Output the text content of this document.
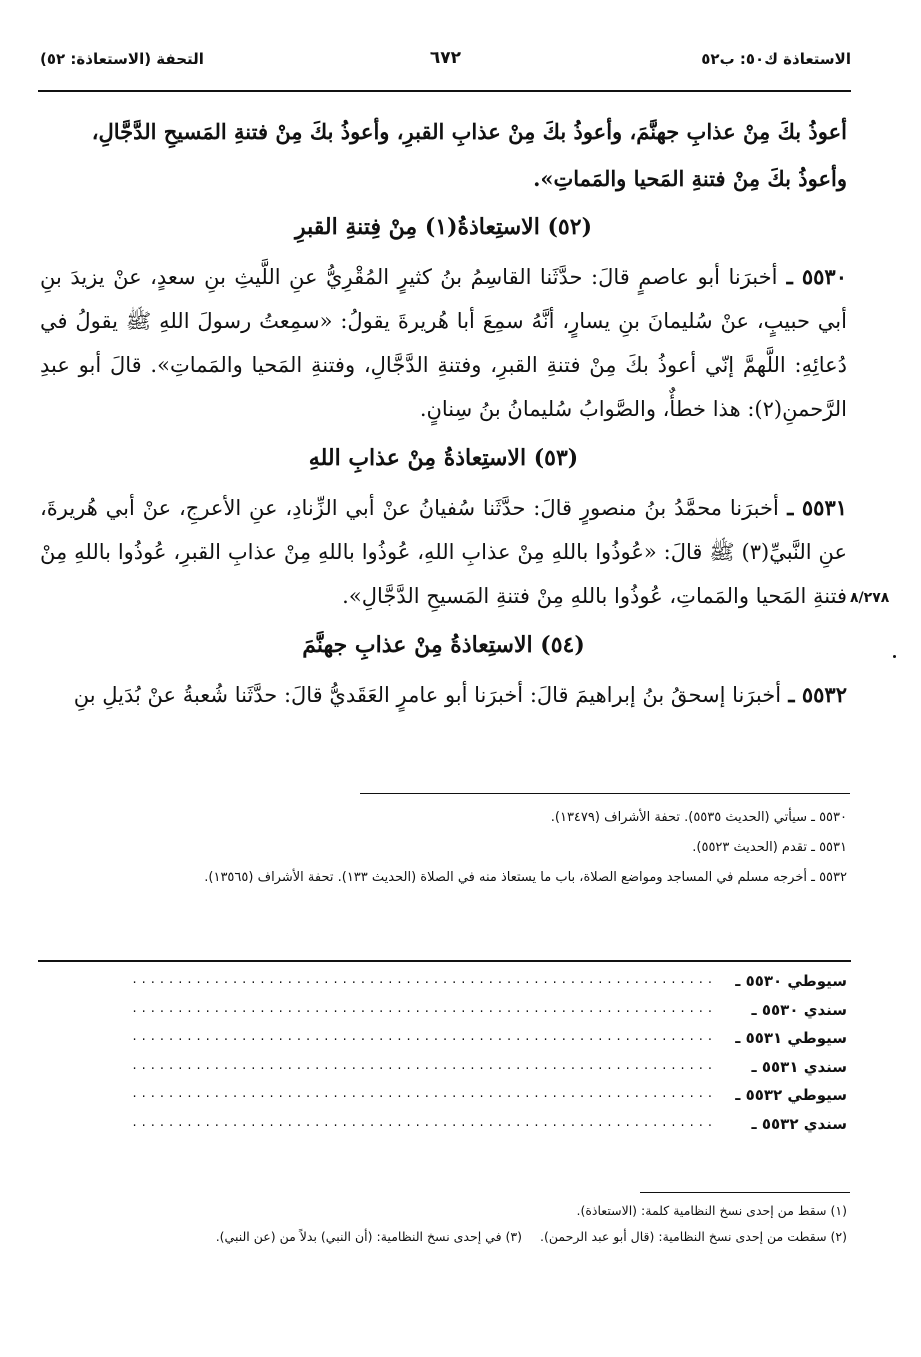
الاستعاذة ك٥٠: ب٥٢
٦٧٢
التحفة (الاستعاذة: ٥٢)

أعوذُ بكَ مِنْ عذابِ جهنَّمَ، وأعوذُ بكَ مِنْ عذابِ القبرِ، وأعوذُ بكَ مِنْ فتنةِ المَسيحِ الدَّجَّالِ،

وأعوذُ بكَ مِنْ فتنةِ المَحيا والمَماتِ».

(٥٢) الاستِعاذةُ(١) مِنْ فِتنةِ القبرِ

٥٥٣٠ ـ أخبرَنا أبو عاصمٍ قالَ: حدَّثَنا القاسِمُ بنُ كثيرٍ المُقْرِيُّ عنِ اللَّيثِ بنِ سعدٍ، عنْ يزيدَ بنِ أبي حبيبٍ، عنْ سُليمانَ بنِ يسارٍ، أنَّهُ سمِعَ أبا هُريرةَ يقولُ: «سمِعتُ رسولَ اللهِ ﷺ يقولُ في دُعائِهِ: اللَّهمَّ إنّي أعوذُ بكَ مِنْ فتنةِ القبرِ، وفتنةِ الدَّجَّالِ، وفتنةِ المَحيا والمَماتِ». قالَ أبو عبدِ الرَّحمنِ(٢): هذا خطأٌ، والصَّوابُ سُليمانُ بنُ سِنانٍ.

(٥٣) الاستِعاذةُ مِنْ عذابِ اللهِ

٥٥٣١ ـ أخبرَنا محمَّدُ بنُ منصورٍ قالَ: حدَّثَنا سُفيانُ عنْ أبي الزِّنادِ، عنِ الأعرجِ، عنْ أبي هُريرةَ، عنِ النَّبيِّ(٣) ﷺ قالَ: «عُوذُوا باللهِ مِنْ عذابِ اللهِ، عُوذُوا باللهِ مِنْ عذابِ القبرِ، عُوذُوا باللهِ مِنْ فتنةِ المَحيا والمَماتِ، عُوذُوا باللهِ مِنْ فتنةِ المَسيحِ الدَّجَّالِ».

(٥٤) الاستِعاذةُ مِنْ عذابِ جهنَّمَ

٥٥٣٢ ـ أخبرَنا إسحقُ بنُ إبراهيمَ قالَ: أخبرَنا أبو عامرٍ العَقَديُّ قالَ: حدَّثَنا شُعبةُ عنْ بُدَيلِ بنِ

٨/٢٧٨

٥٥٣٠ ـ سيأتي (الحديث ٥٥٣٥). تحفة الأشراف (١٣٤٧٩).

٥٥٣١ ـ تقدم (الحديث ٥٥٢٣).

٥٥٣٢ ـ أخرجه مسلم في المساجد ومواضع الصلاة، باب ما يستعاذ منه في الصلاة (الحديث ١٣٣). تحفة الأشراف (١٣٥٦٥).

سيوطي ٥٥٣٠ ـ
................................................................
سندي ٥٥٣٠ ـ
................................................................
سيوطي ٥٥٣١ ـ
................................................................
سندي ٥٥٣١ ـ
................................................................
سيوطي ٥٥٣٢ ـ
................................................................
سندي ٥٥٣٢ ـ
................................................................
(١) سقط من إحدى نسخ النظامية كلمة: (الاستعاذة).
(٢) سقطت من إحدى نسخ النظامية: (قال أبو عبد الرحمن).
(٣) في إحدى نسخ النظامية: (أن النبي) بدلاً من (عن النبي).
